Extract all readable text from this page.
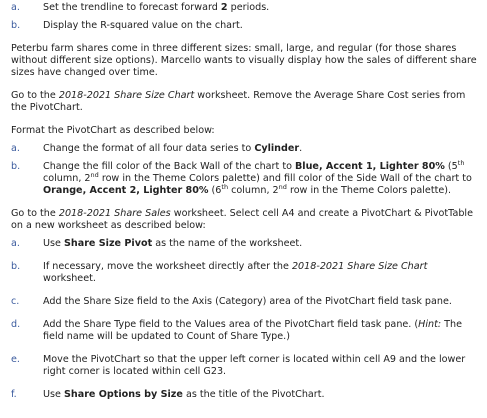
a.	Set the trendline to forecast forward 2 periods.
b.	Display the R-squared value on the chart.

Peterbu farm shares come in three different sizes: small, large, and regular (for those shares without different size options). Marcello wants to visually display how the sales of different share sizes have changed over time.

Go to the 2018-2021 Share Size Chart worksheet. Remove the Average Share Cost series from the PivotChart.

Format the PivotChart as described below:

a.	Change the format of all four data series to Cylinder.
b.	Change the fill color of the Back Wall of the chart to Blue, Accent 1, Lighter 80% (5th column, 2nd row in the Theme Colors palette) and fill color of the Side Wall of the chart to Orange, Accent 2, Lighter 80% (6th column, 2nd row in the Theme Colors palette).

Go to the 2018-2021 Share Sales worksheet. Select cell A4 and create a PivotChart & PivotTable on a new worksheet as described below:

a.	Use Share Size Pivot as the name of the worksheet.
b.	If necessary, move the worksheet directly after the 2018-2021 Share Size Chart worksheet.
c.	Add the Share Size field to the Axis (Category) area of the PivotChart field task pane.
d.	Add the Share Type field to the Values area of the PivotChart field task pane. (Hint: The field name will be updated to Count of Share Type.)
e.	Move the PivotChart so that the upper left corner is located within cell A9 and the lower right corner is located within cell G23.
f.	Use Share Options by Size as the title of the PivotChart.
